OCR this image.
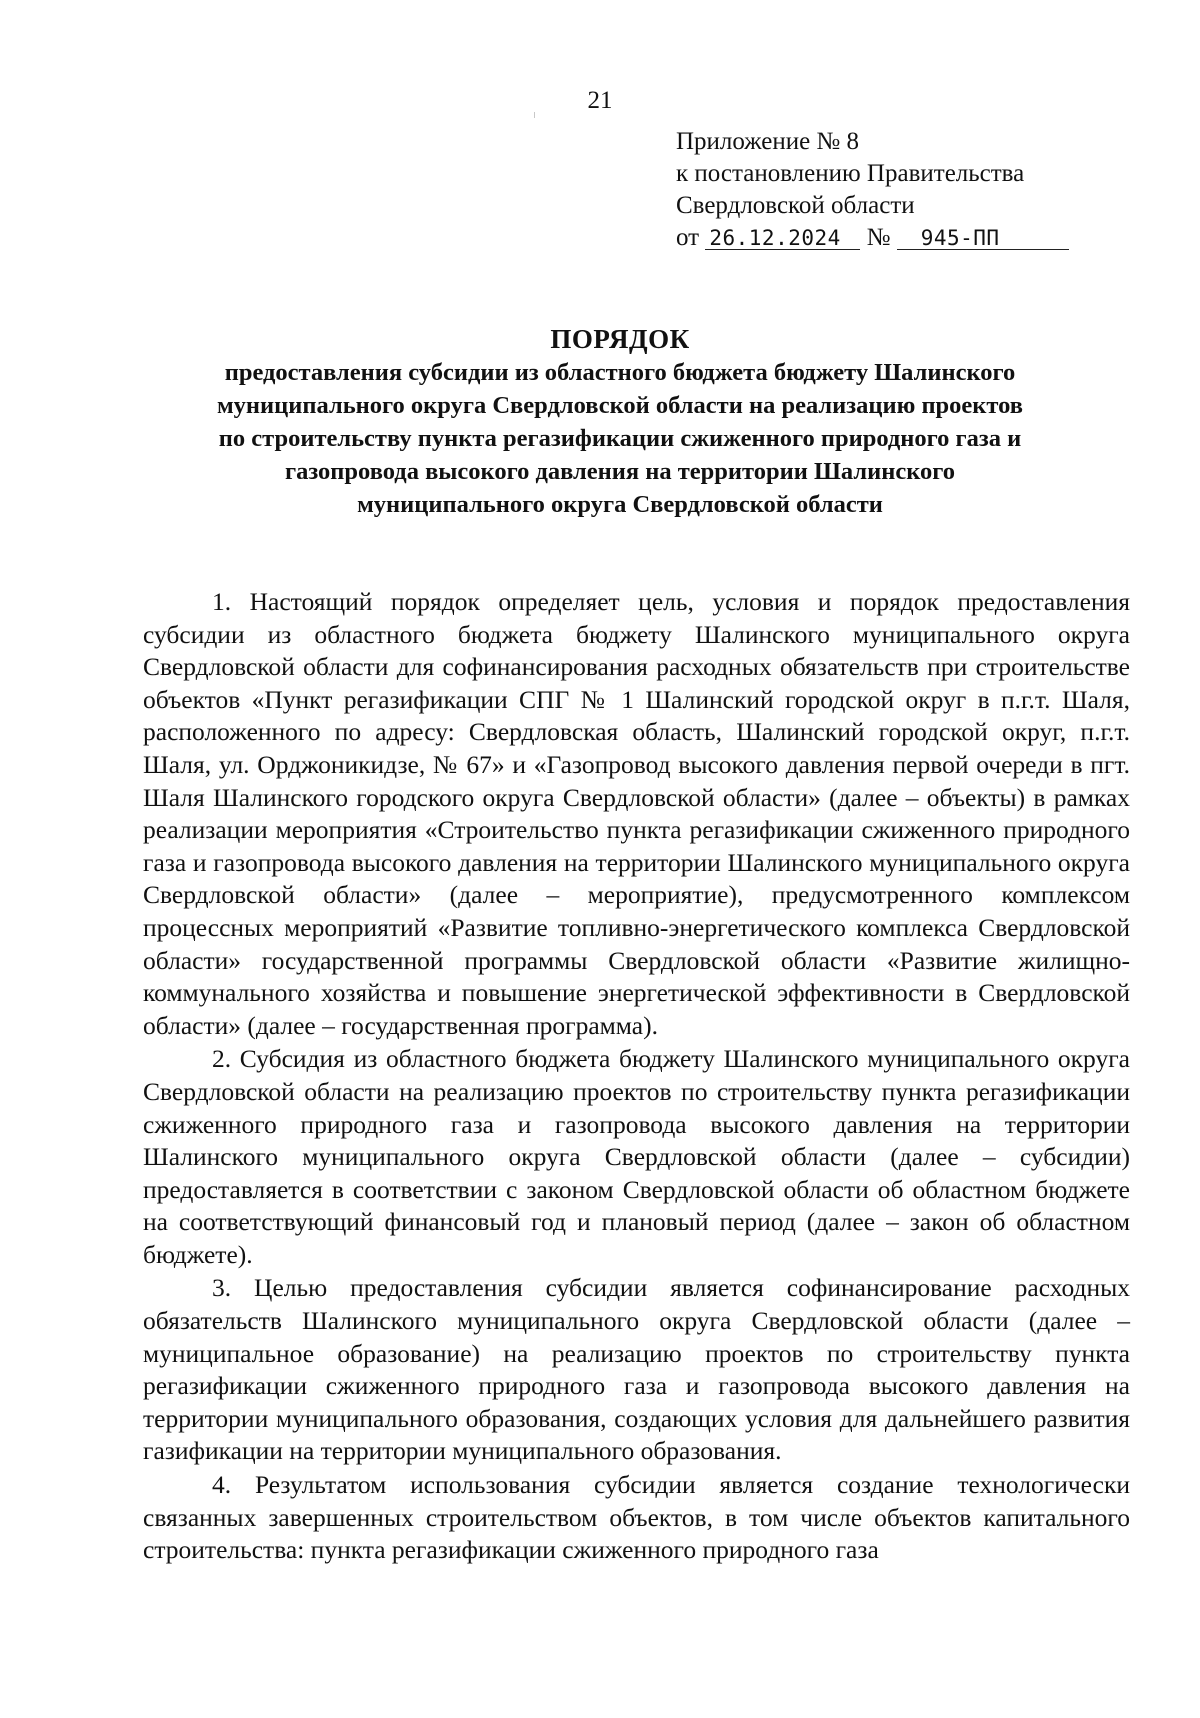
21
Приложение № 8
к постановлению Правительства
Свердловской области
от 26.12.2024 № 945-ПП
ПОРЯДОК
предоставления субсидии из областного бюджета бюджету Шалинского
муниципального округа Свердловской области на реализацию проектов
по строительству пункта регазификации сжиженного природного газа и
газопровода высокого давления на территории Шалинского
муниципального округа Свердловской области

1. Настоящий порядок определяет цель, условия и порядок предоставления субсидии из областного бюджета бюджету Шалинского муниципального округа Свердловской области для софинансирования расходных обязательств при строительстве объектов «Пункт регазификации СПГ № 1 Шалинский городской округ в п.г.т. Шаля, расположенного по адресу: Свердловская область, Шалинский городской округ, п.г.т. Шаля, ул. Орджоникидзе, № 67» и «Газопровод высокого давления первой очереди в пгт. Шаля Шалинского городского округа Свердловской области» (далее – объекты) в рамках реализации мероприятия «Строительство пункта регазификации сжиженного природного газа и газопровода высокого давления на территории Шалинского муниципального округа Свердловской области» (далее – мероприятие), предусмотренного комплексом процессных мероприятий «Развитие топливно-энергетического комплекса Свердловской области» государственной программы Свердловской области «Развитие жилищно-коммунального хозяйства и повышение энергетической эффективности в Свердловской области» (далее – государственная программа).

2. Субсидия из областного бюджета бюджету Шалинского муниципального округа Свердловской области на реализацию проектов по строительству пункта регазификации сжиженного природного газа и газопровода высокого давления на территории Шалинского муниципального округа Свердловской области (далее – субсидии) предоставляется в соответствии с законом Свердловской области об областном бюджете на соответствующий финансовый год и плановый период (далее – закон об областном бюджете).

3. Целью предоставления субсидии является софинансирование расходных обязательств Шалинского муниципального округа Свердловской области (далее – муниципальное образование) на реализацию проектов по строительству пункта регазификации сжиженного природного газа и газопровода высокого давления на территории муниципального образования, создающих условия для дальнейшего развития газификации на территории муниципального образования.

4. Результатом использования субсидии является создание технологически связанных завершенных строительством объектов, в том числе объектов капитального строительства: пункта регазификации сжиженного природного газа
